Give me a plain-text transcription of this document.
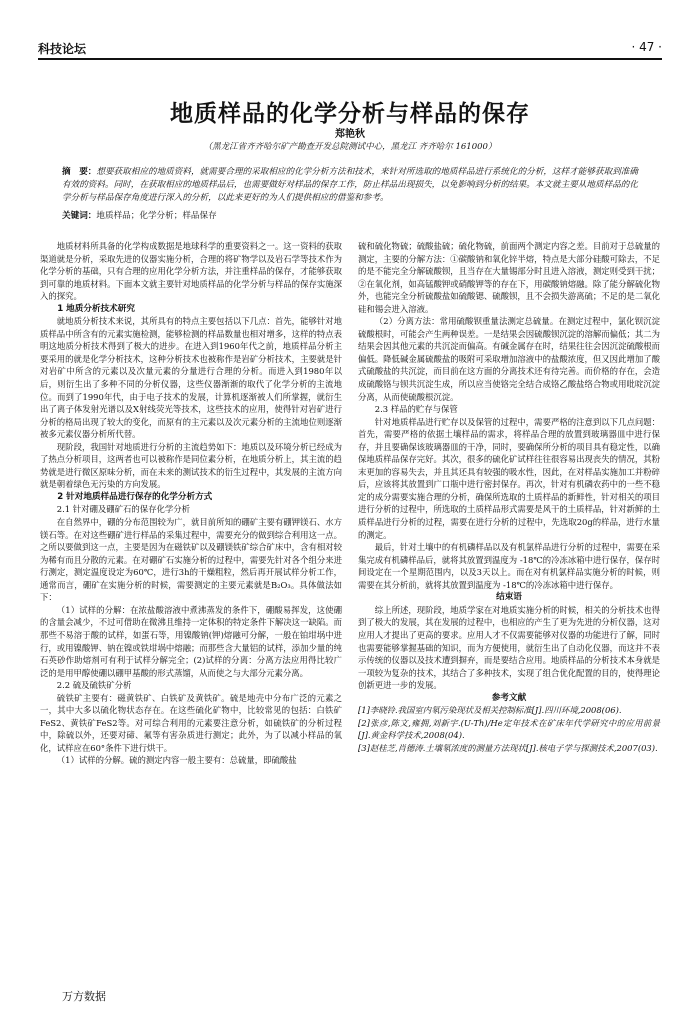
科技论坛	· 47 ·
地质样品的化学分析与样品的保存
郑艳秋
（黑龙江省齐齐哈尔矿产勘查开发总院测试中心，黑龙江 齐齐哈尔 161000）
摘　要：想要获取相应的地质资料，就需要合理的采取相应的化学分析方法和技术，来针对所选取的地质样品进行系统化的分析，这样才能够获取到准确有效的资料。同时，在获取相应的地质样品后，也需要做好对样品的保存工作，防止样品出现损失，以免影响到分析的结果。本文就主要从地质样品的化学分析与样品保存角度进行深入的分析，以此来更好的为人们提供相应的借鉴和参考。
关键词：地质样品；化学分析；样品保存

地质材料所具备的化学构成数据是地球科学的重要资料之一。这一资料的获取渠道就是分析，采取先进的仪器实施分析，合理的将矿物学以及岩石学等技术作为化学分析的基础，只有合理的应用化学分析方法，并注重样品的保存，才能够获取到可靠的地质材料。下面本文就主要针对地质样品的化学分析与样品的保存实施深入的探究。

1 地质分析技术研究

就地质分析技术来说，其所具有的特点主要包括以下几点：首先，能够针对地质样品中所含有的元素实施检测，能够检测的样品数量也相对增多，这样的特点表明这地质分析技术得到了极大的进步。在进入到1960年代之前，地质样品分析主要采用的就是化学分析技术，这种分析技术也被称作是岩矿分析技术，主要就是针对岩矿中所含的元素以及次量元素的分量进行合理的分析。而进入到1980年以后，则衍生出了多种不同的分析仪器，这些仪器渐渐的取代了化学分析的主流地位。而到了1990年代，由于电子技术的发展，计算机逐渐被人们所掌握，就衍生出了离子体发射光谱以及X射线荧光等技术，这些技术的应用，使得针对岩矿进行分析的格局出现了较大的变化，而原有的主元素以及次元素分析的主流地位则逐渐被多元素仪器分析所代替。

现阶段，我国针对地质进行分析的主流趋势如下：地质以及环境分析已经成为了热点分析项目，这两者也可以被称作是同位素分析，在地质分析上，其主流的趋势就是进行微区原味分析，而在未来的测试技术的衍生过程中，其发展的主流方向就是朝着绿色无污染的方向发展。

2 针对地质样品进行保存的化学分析方式
2.1 针对硼及硼矿石的保存化学分析

在自然界中，硼的分布范围较为广，就目前所知的硼矿主要有硼钾镁石、水方镁石等。在对这些硼矿进行样品的采集过程中，需要充分的做到综合利用这一点。之所以要做到这一点，主要是因为在磁铁矿以及硼镁铁矿综合矿床中，含有相对较为稀有而且分散的元素。在对硼矿石实施分析的过程中，需要先针对各个组分来进行测定，测定温度设定为60℃，进行3h的干燥粗粒，然后再开展试样分析工作，通常而言，硼矿在实施分析的时候，需要测定的主要元素就是B₂O₃。具体做法如下：

（1）试样的分解：在浓盐酸溶液中煮沸蒸发的条件下，硼酸易挥发，这使硼的含量会减少，不过可借助在微沸且维持一定体积的特定条件下解决这一缺陷。而那些不易溶于酸的试样，如蛋石等，用镍酸钠(钾)熔融可分解，一般在铂坩埚中进行，或用镍酸钾、钠在镍或铁坩埚中熔融；而那些含大量铝的试样，添加少量的纯石英砂作助熔剂可有利于试样分解完全；(2)试样的分离：分离方法应用得比较广泛的是用甲醇使硼以硼甲基酸的形式蒸馏，从而使之与大部分元素分离。

2.2 硫及硫铁矿分析

硫铁矿主要有：磁黄铁矿、白铁矿及黄铁矿。硫是地壳中分布广泛的元素之一，其中大多以硫化物状态存在。在这些硫化矿物中，比较常见的包括：白铁矿FeS2、黄铁矿FeS2等。对可综合利用的元素要注意分析，如硫铁矿的分析过程中，除硫以外，还要对碲、氟等有害杂质进行测定；此外，为了以减小样品的氧化，试样应在60°条件下进行烘干。

（1）试样的分解。硫的测定内容一般主要有：总硫量，即硫酸盐

硫和硫化物硫；硫酸盐硫；硫化物硫，前面两个测定内容之差。目前对于总硫量的测定，主要的分解方法：①碳酸钠和氧化锌半熔，特点是大部分硅酸可除去，不足的是不能完全分解硫酸钡，且当存在大量锡部分时且进入溶液，测定则受到干扰；②在氧化剂，如高锰酸钾或硝酸钾等的存在下，用碳酸钠熔融。除了能分解硫化物外，也能完全分析硫酸盐如硫酸锶、硫酸钡，且不会损失游离硫；不足的是二氧化硅和锡会进入溶液。

（2）分离方法：常用硫酸钡重量法测定总硫量。在测定过程中，氯化钡沉淀硫酸根时，可能会产生两种误差。一是结果会因硫酸钡沉淀的溶解而偏低；其二为结果会因其他元素的共沉淀而偏高。有碱金属存在时，结果往往会因沉淀硫酸根而偏低。降低碱金属硫酸盐的吸附可采取增加溶液中的盐酸浓度，但又因此增加了酸式硫酸盐的共沉淀，而目前在这方面的分离技术还有待完善。而价格的存在，会造成硫酸铬与钡共沉淀生成，所以应当使铬完全结合成铬乙酸盐络合物或用吡啶沉淀分离，从而使硫酸根沉淀。

2.3 样品的贮存与保管

针对地质样品进行贮存以及保管的过程中，需要严格的注意到以下几点问题：首先，需要严格的依据土壤样品的需求，将样品合理的放置到玻璃器皿中进行保存，并且要确保该玻璃器皿的干净，同时，要确保所分析的项目具有稳定性，以确保地质样品保存完好。其次，很多的硫化矿试样往往很容易出现丧失的情况，其粉末更加的容易失去，并且其还具有较强的吸水性，因此，在对样品实施加工并粉碎后，应该将其放置到广口瓶中进行密封保存。再次，针对有机磷农药中的一些不稳定的成分需要实施合理的分析，确保所选取的土质样品的新鲜性，针对相关的项目进行分析的过程中，所选取的土质样品形式需要是风干的土质样品，针对新鲜的土质样品进行分析的过程，需要在进行分析的过程中，先选取20g的样品，进行水量的测定。

最后，针对土壤中的有机磷样品以及有机氯样品进行分析的过程中，需要在采集完成有机磷样品后，就将其放置到温度为 -18℃的冷冻冰箱中进行保存，保存时间设定在一个星期范围内，以及3天以上。而在对有机氯样品实施分析的时候，则需要在其分析前，就将其放置到温度为 -18℃的冷冻冰箱中进行保存。

结束语

综上所述，现阶段，地质学家在对地质实施分析的时候，相关的分析技术也得到了极大的发展，其在发展的过程中，也相应的产生了更为先进的分析仪器，这对应用人才提出了更高的要求。应用人才不仅需要能够对仪器的功能进行了解，同时也需要能够掌握基础的知识，而为方便使用，就衍生出了自动化仪器，而这并不表示传统的仪器以及技术遭到摒弃，而是要结合应用。地质样品的分析技术本身就是一项较为复杂的技术，其结合了多种技术，实现了组合优化配置的目的，使得理论创新更进一步的发展。

参考文献

[1]李晓铃.我国室内氡污染现状及相关控制标准[J].四川环境,2008(06).

[2]张彦,陈文,雍拥,刘新宇.(U-Th)/He定年技术在矿床年代学研究中的应用前景[J].黄金科学技术,2008(04).

[3]赵桂芝,肖德涛.土壤氡浓度的测量方法现状[J].核电子学与探测技术,2007(03).

万方数据
